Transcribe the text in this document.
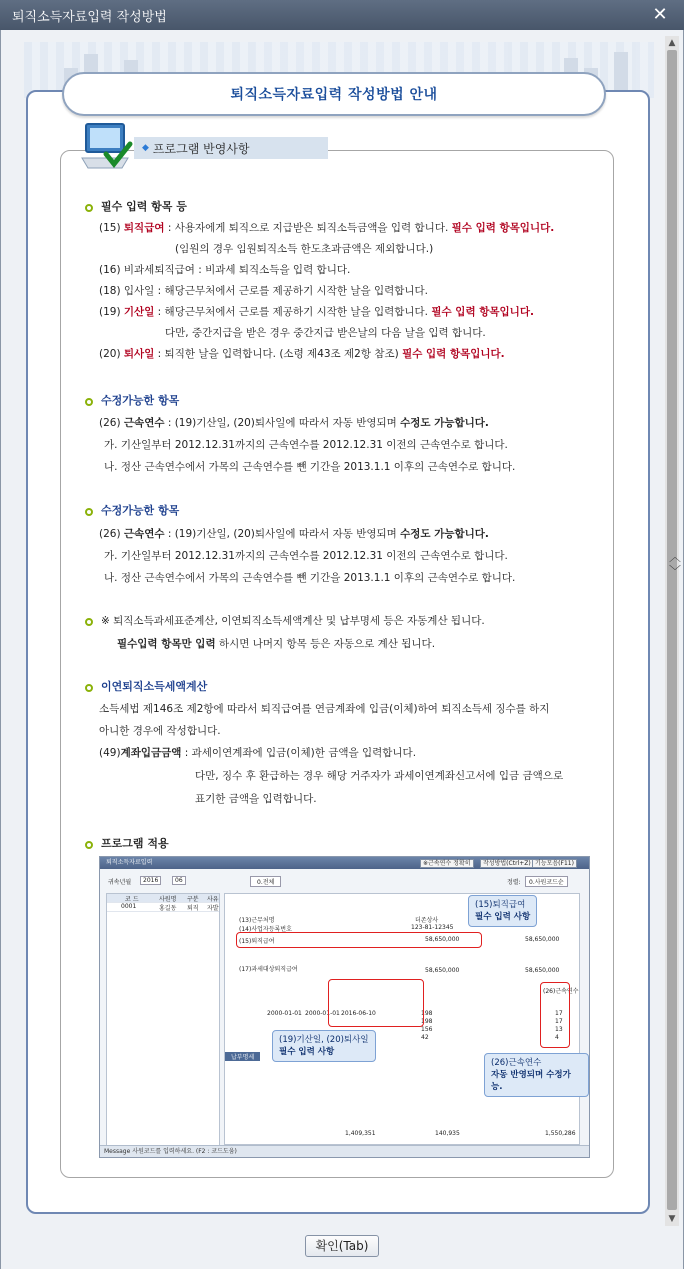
퇴직소득자료입력 작성방법	✕
▲
▼
︿
﹀
퇴직소득자료입력 작성방법 안내
◆ 프로그램 반영사항
필수 입력 항목 등
(15) 퇴직급여 : 사용자에게 퇴직으로 지급받은 퇴직소득금액을 입력 합니다. 필수 입력 항목입니다.
(임원의 경우 임원퇴직소득 한도초과금액은 제외합니다.)
(16) 비과세퇴직급여 : 비과세 퇴직소득을 입력 합니다.
(18) 입사일 : 해당근무처에서 근로를 제공하기 시작한 날을 입력합니다.
(19) 기산일 : 해당근무처에서 근로를 제공하기 시작한 날을 입력합니다. 필수 입력 항목입니다.
다만, 중간지급을 받은 경우 중간지급 받은날의 다음 날을 입력 합니다.
(20) 퇴사일 : 퇴직한 날을 입력합니다. (소령 제43조 제2항 참조) 필수 입력 항목입니다.
수정가능한 항목
(26) 근속연수 : (19)기산일, (20)퇴사일에 따라서 자동 반영되며 수정도 가능합니다.
가. 기산일부터 2012.12.31까지의 근속연수를 2012.12.31 이전의 근속연수로 합니다.
나. 정산 근속연수에서 가목의 근속연수를 뺀 기간을 2013.1.1 이후의 근속연수로 합니다.
수정가능한 항목
(26) 근속연수 : (19)기산일, (20)퇴사일에 따라서 자동 반영되며 수정도 가능합니다.
가. 기산일부터 2012.12.31까지의 근속연수를 2012.12.31 이전의 근속연수로 합니다.
나. 정산 근속연수에서 가목의 근속연수를 뺀 기간을 2013.1.1 이후의 근속연수로 합니다.
※ 퇴직소득과세표준계산, 이연퇴직소득세액계산 및 납부명세 등은 자동계산 됩니다.
필수입력 항목만 입력 하시면 나머지 항목 등은 자동으로 계산 됩니다.
이연퇴직소득세액계산
소득세법 제146조 제2항에 따라서 퇴직급여를 연금계좌에 입금(이체)하여 퇴직소득세 징수를 하지
아니한 경우에 작성합니다.
(49)계좌입금금액 : 과세이연계좌에 입금(이체)한 금액을 입력합니다.
다만, 징수 후 환급하는 경우 해당 거주자가 과세이연계좌신고서에 입금 금액으로
표기한 금액을 입력합니다.
프로그램 적용
퇴직소득자료입력	※근속연수 정확히	작성방법(Ctrl+Z) 기능모음(F11)
귀속년월	2016	06	0.전체	정렬:	0.사원코드순
코 드	사원명 구분 사유
0001	홍길동 퇴직 자발
(13)근무처명	더존상사
(14)사업자등록번호	123-81-12345
(15)퇴직급여	58,650,000	58,650,000
(17)과세대상퇴직급여	58,650,000	58,650,000
(26)근속연수
2000-01-01 2000-01-01 2016-06-10	198	17
198	17
156	13
42	4
납부명세
1,409,351	140,935	1,550,286
(15)퇴직급여
필수 입력 사항
(19)기산일, (20)퇴사일
필수 입력 사항
(26)근속연수
자동 반영되며 수정가능.
Message 사원코드를 입력하세요. (F2 : 코드도움)
확인(Tab)
